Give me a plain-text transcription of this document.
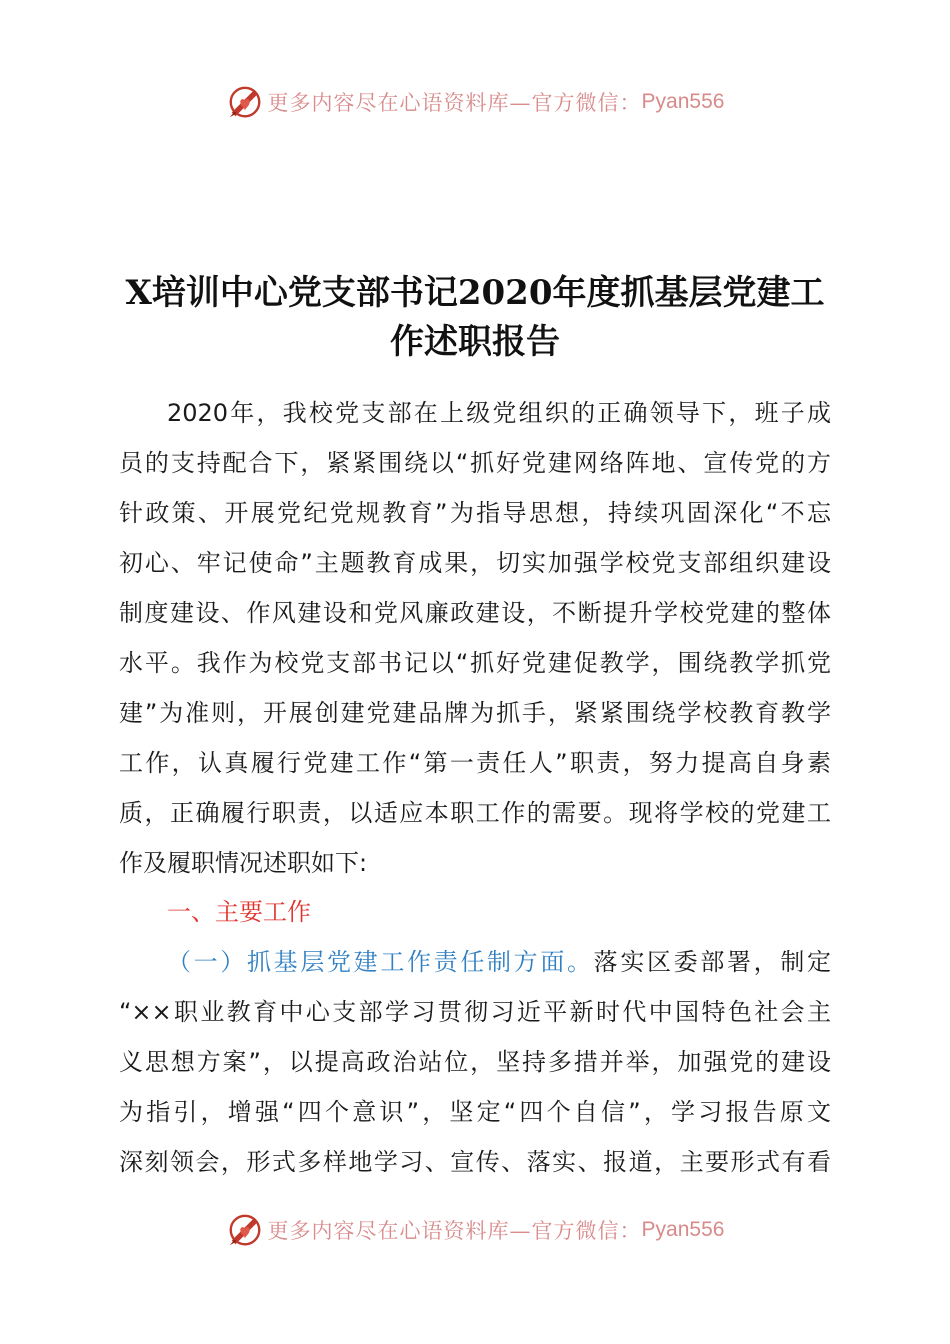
更多内容尽在心语资料库—官方微信： Pyan556
X培训中心党支部书记2020年度抓基层党建工
作述职报告
2020年，我校党支部在上级党组织的正确领导下，班子成
员的支持配合下，紧紧围绕以“抓好党建网络阵地、宣传党的方
针政策、开展党纪党规教育”为指导思想，持续巩固深化“不忘
初心、牢记使命”主题教育成果，切实加强学校党支部组织建设
制度建设、作风建设和党风廉政建设，不断提升学校党建的整体
水平。我作为校党支部书记以“抓好党建促教学，围绕教学抓党
建”为准则，开展创建党建品牌为抓手，紧紧围绕学校教育教学
工作，认真履行党建工作“第一责任人”职责，努力提高自身素
质，正确履行职责，以适应本职工作的需要。现将学校的党建工
作及履职情况述职如下:
一、主要工作
（一）抓基层党建工作责任制方面。落实区委部署，制定
“××职业教育中心支部学习贯彻习近平新时代中国特色社会主
义思想方案”，以提高政治站位，坚持多措并举，加强党的建设
为指引，增强“四个意识”，坚定“四个自信”，学习报告原文
深刻领会，形式多样地学习、宣传、落实、报道，主要形式有看
更多内容尽在心语资料库—官方微信： Pyan556
